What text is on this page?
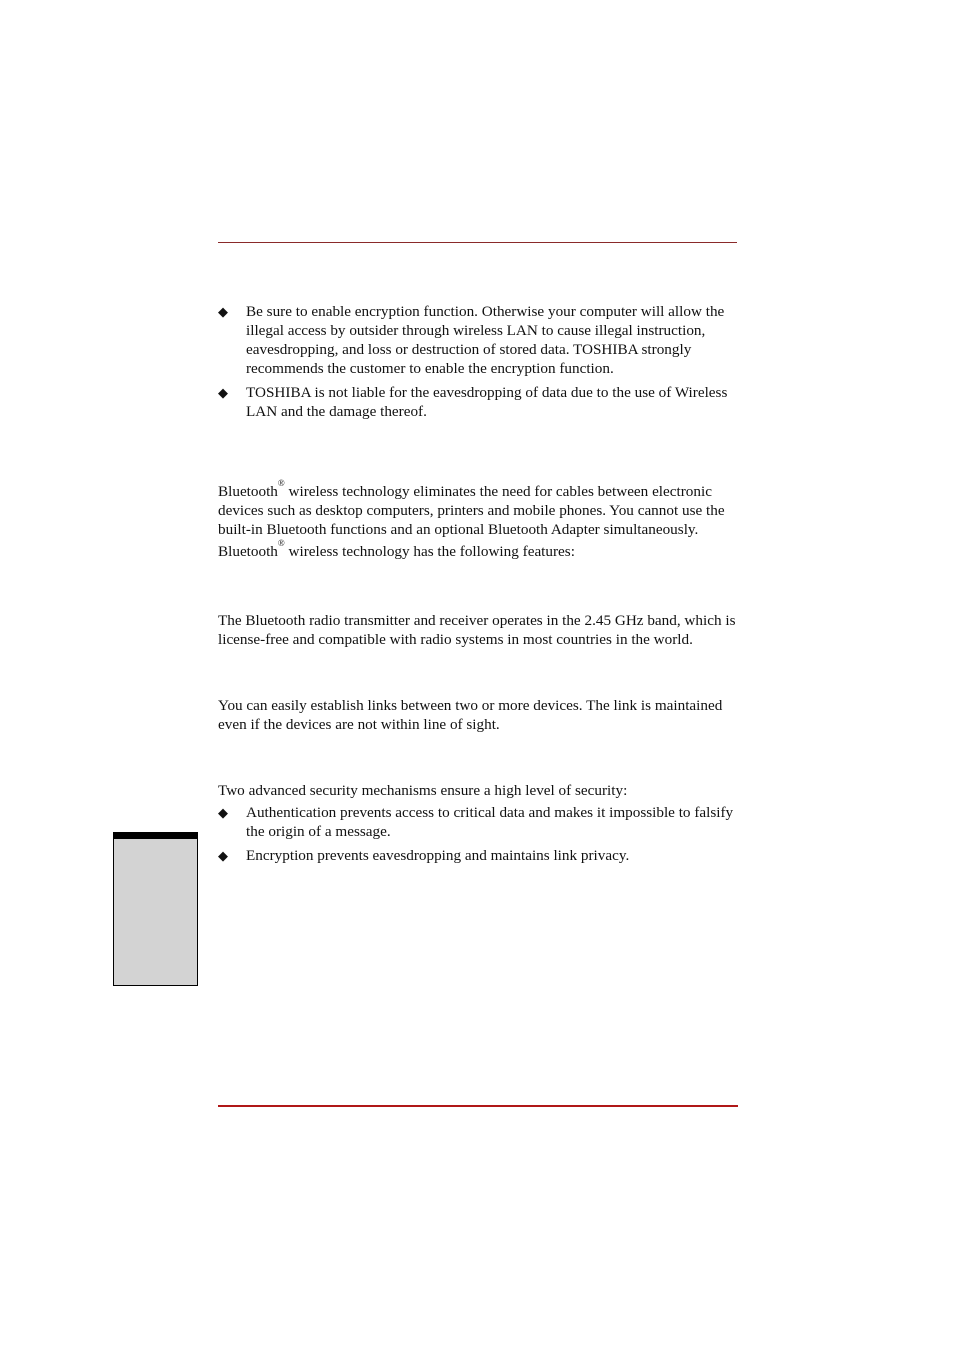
◆ Be sure to enable encryption function. Otherwise your computer will allow the illegal access by outsider through wireless LAN to cause illegal instruction, eavesdropping, and loss or destruction of stored data. TOSHIBA strongly recommends the customer to enable the encryption function.
◆ TOSHIBA is not liable for the eavesdropping of data due to the use of Wireless LAN and the damage thereof.

Bluetooth® wireless technology eliminates the need for cables between electronic devices such as desktop computers, printers and mobile phones. You cannot use the built-in Bluetooth functions and an optional Bluetooth Adapter simultaneously.

Bluetooth® wireless technology has the following features:

The Bluetooth radio transmitter and receiver operates in the 2.45 GHz band, which is license-free and compatible with radio systems in most countries in the world.

You can easily establish links between two or more devices. The link is maintained even if the devices are not within line of sight.

Two advanced security mechanisms ensure a high level of security:

◆ Authentication prevents access to critical data and makes it impossible to falsify the origin of a message.
◆ Encryption prevents eavesdropping and maintains link privacy.
